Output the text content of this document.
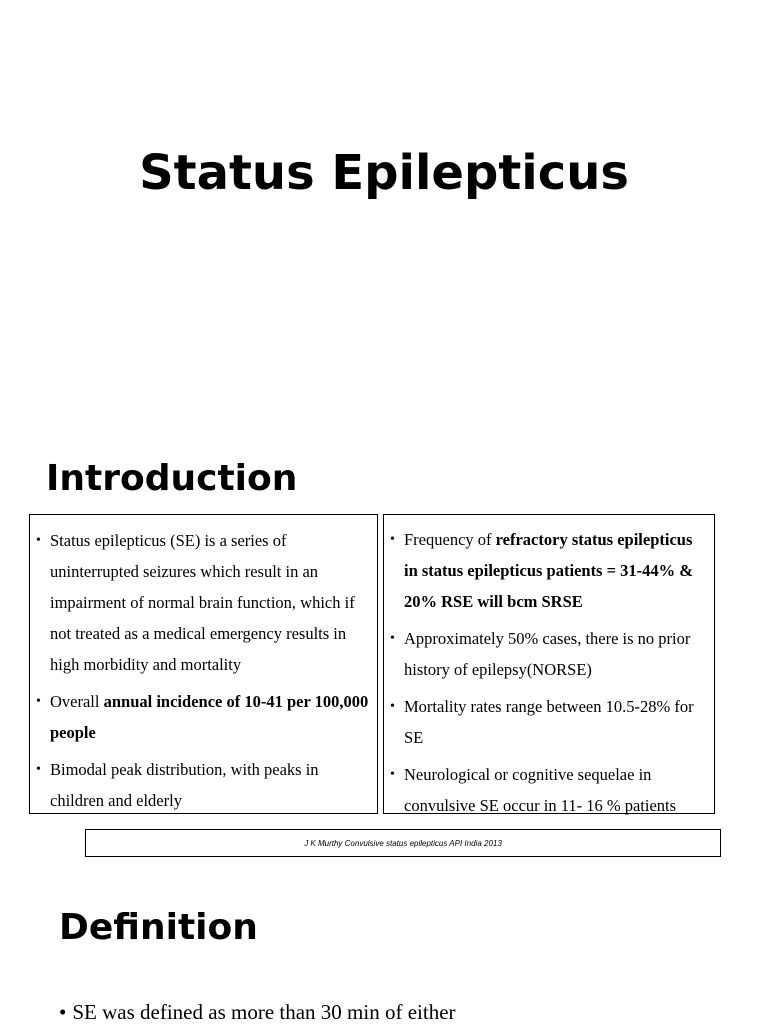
Status Epilepticus
Introduction
• Status epilepticus (SE) is a series of uninterrupted seizures which result in an impairment of normal brain function, which if not treated as a medical emergency results in high morbidity and mortality
• Overall annual incidence of 10-41 per 100,000 people
• Bimodal peak distribution, with peaks in children and elderly
• Frequency of refractory status epilepticus in status epilepticus patients = 31-44% & 20% RSE will bcm SRSE
• Approximately 50% cases, there is no prior history of epilepsy(NORSE)
• Mortality rates range between 10.5-28% for SE
• Neurological or cognitive sequelae in convulsive SE occur in 11- 16 % patients
J K Murthy Convulsive status epilepticus API India 2013
Definition
• SE was defined as more than 30 min of either
